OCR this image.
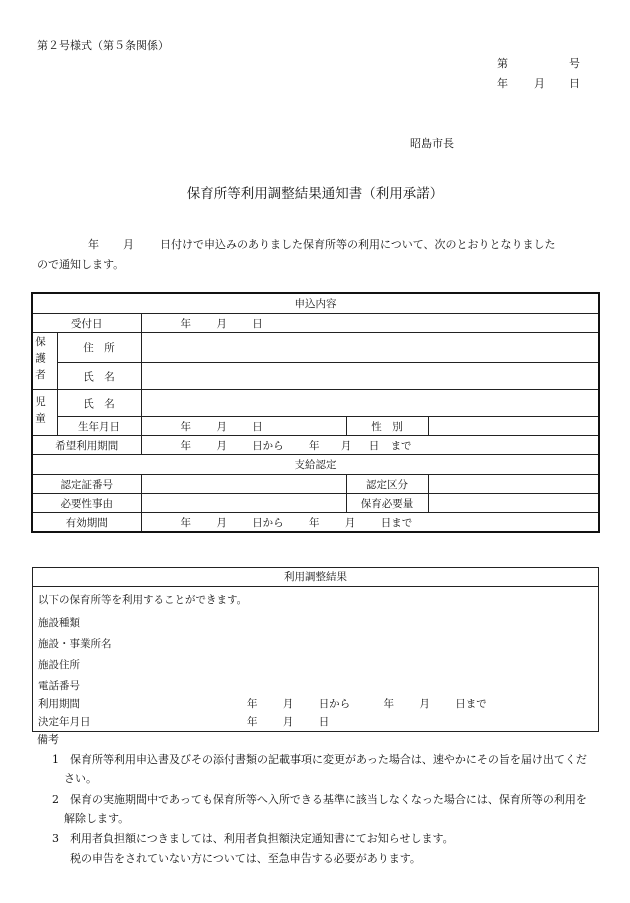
第２号様式（第５条関係）
第	号
年 月 日
昭島市長
保育所等利用調整結果通知書（利用承諾）
年 月 日付けで申込みのありました保育所等の利用について、次のとおりとなりました
ので通知します。
申込内容				
受付日		年 月 日		

保護者	住　所			
	氏　名			

児童	氏　名			
	生年月日	年 月 日	性　別	
希望利用期間		年 月 日から 年 月 日 まで		
支給認定				
認定証番号			認定区分	
必要性事由			保育必要量	
有効期間		年 月 日から 年 月 日まで		
利用調整結果
以下の保育所等を利用することができます。
施設種類
施設・事業所名
施設住所
電話番号
利用期間	年 月 日から	年 月 日まで
決定年月日	年 月 日
備考
1 保育所等利用申込書及びその添付書類の記載事項に変更があった場合は、速やかにその旨を届け出てくだ
さい。
2 保育の実施期間中であっても保育所等へ入所できる基準に該当しなくなった場合には、保育所等の利用を
解除します。
3 利用者負担額につきましては、利用者負担額決定通知書にてお知らせします。
税の申告をされていない方については、至急申告する必要があります。
